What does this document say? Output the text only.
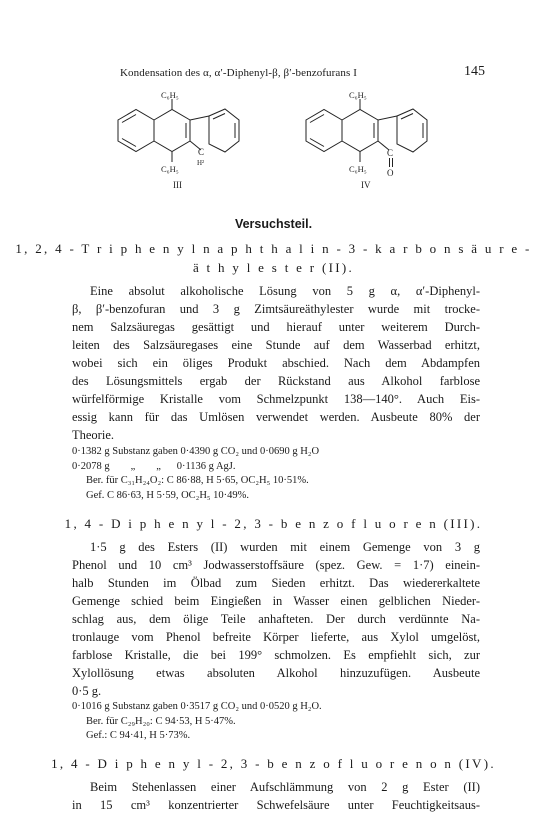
Kondensation des α, α′-Diphenyl-β, β′-benzofurans I	145
C₆H₅
C₆H₅
C
H²
III
C₆H₅
C₆H₅
C
O
IV
Versuchsteil.
1, 2, 4 - T r i p h e n y l n a p h t h a l i n - 3 - k a r b o n s ä u r e -
ä t h y l e s t e r (II).
Eine absolut alkoholische Lösung von 5 g α, α′-Diphenyl-
β, β′-benzofuran und 3 g Zimtsäureäthylester wurde mit trocke-
nem Salzsäuregas gesättigt und hierauf unter weiterem Durch-
leiten des Salzsäuregases eine Stunde auf dem Wasserbad erhitzt,
wobei sich ein öliges Produkt abschied. Nach dem Abdampfen
des Lösungsmittels ergab der Rückstand aus Alkohol farblose
würfelförmige Kristalle vom Schmelzpunkt 138—140°. Auch Eis-
essig kann für das Umlösen verwendet werden. Ausbeute 80% der
Theorie.
0·1382 g Substanz gaben 0·4390 g CO₂ und 0·0690 g H₂O
0·2078 g        „        „      0·1136 g AgJ.
Ber. für C₃₁H₂₄O₂: C 86·88, H 5·65, OC₂H₅ 10·51%.
Gef. C 86·63, H 5·59, OC₂H₅ 10·49%.
1, 4 - D i p h e n y l - 2, 3 - b e n z o f l u o r e n (III).
1·5 g des Esters (II) wurden mit einem Gemenge von 3 g
Phenol und 10 cm³ Jodwasserstoffsäure (spez. Gew. = 1·7) einein-
halb Stunden im Ölbad zum Sieden erhitzt. Das wiedererkaltete
Gemenge schied beim Eingießen in Wasser einen gelblichen Nieder-
schlag aus, dem ölige Teile anhafteten. Der durch verdünnte Na-
tronlauge vom Phenol befreite Körper lieferte, aus Xylol umgelöst,
farblose Kristalle, die bei 199° schmolzen. Es empfiehlt sich, zur
Xylollösung etwas absoluten Alkohol hinzuzufügen. Ausbeute
0·5 g.
0·1016 g Substanz gaben 0·3517 g CO₂ und 0·0520 g H₂O.
Ber. für C₂₉H₂₀: C 94·53, H 5·47%.
Gef.: C 94·41, H 5·73%.
1, 4 - D i p h e n y l - 2, 3 - b e n z o f l u o r e n o n (IV).
Beim Stehenlassen einer Aufschlämmung von 2 g Ester (II)
in 15 cm³ konzentrierter Schwefelsäure unter Feuchtigkeitsaus-
